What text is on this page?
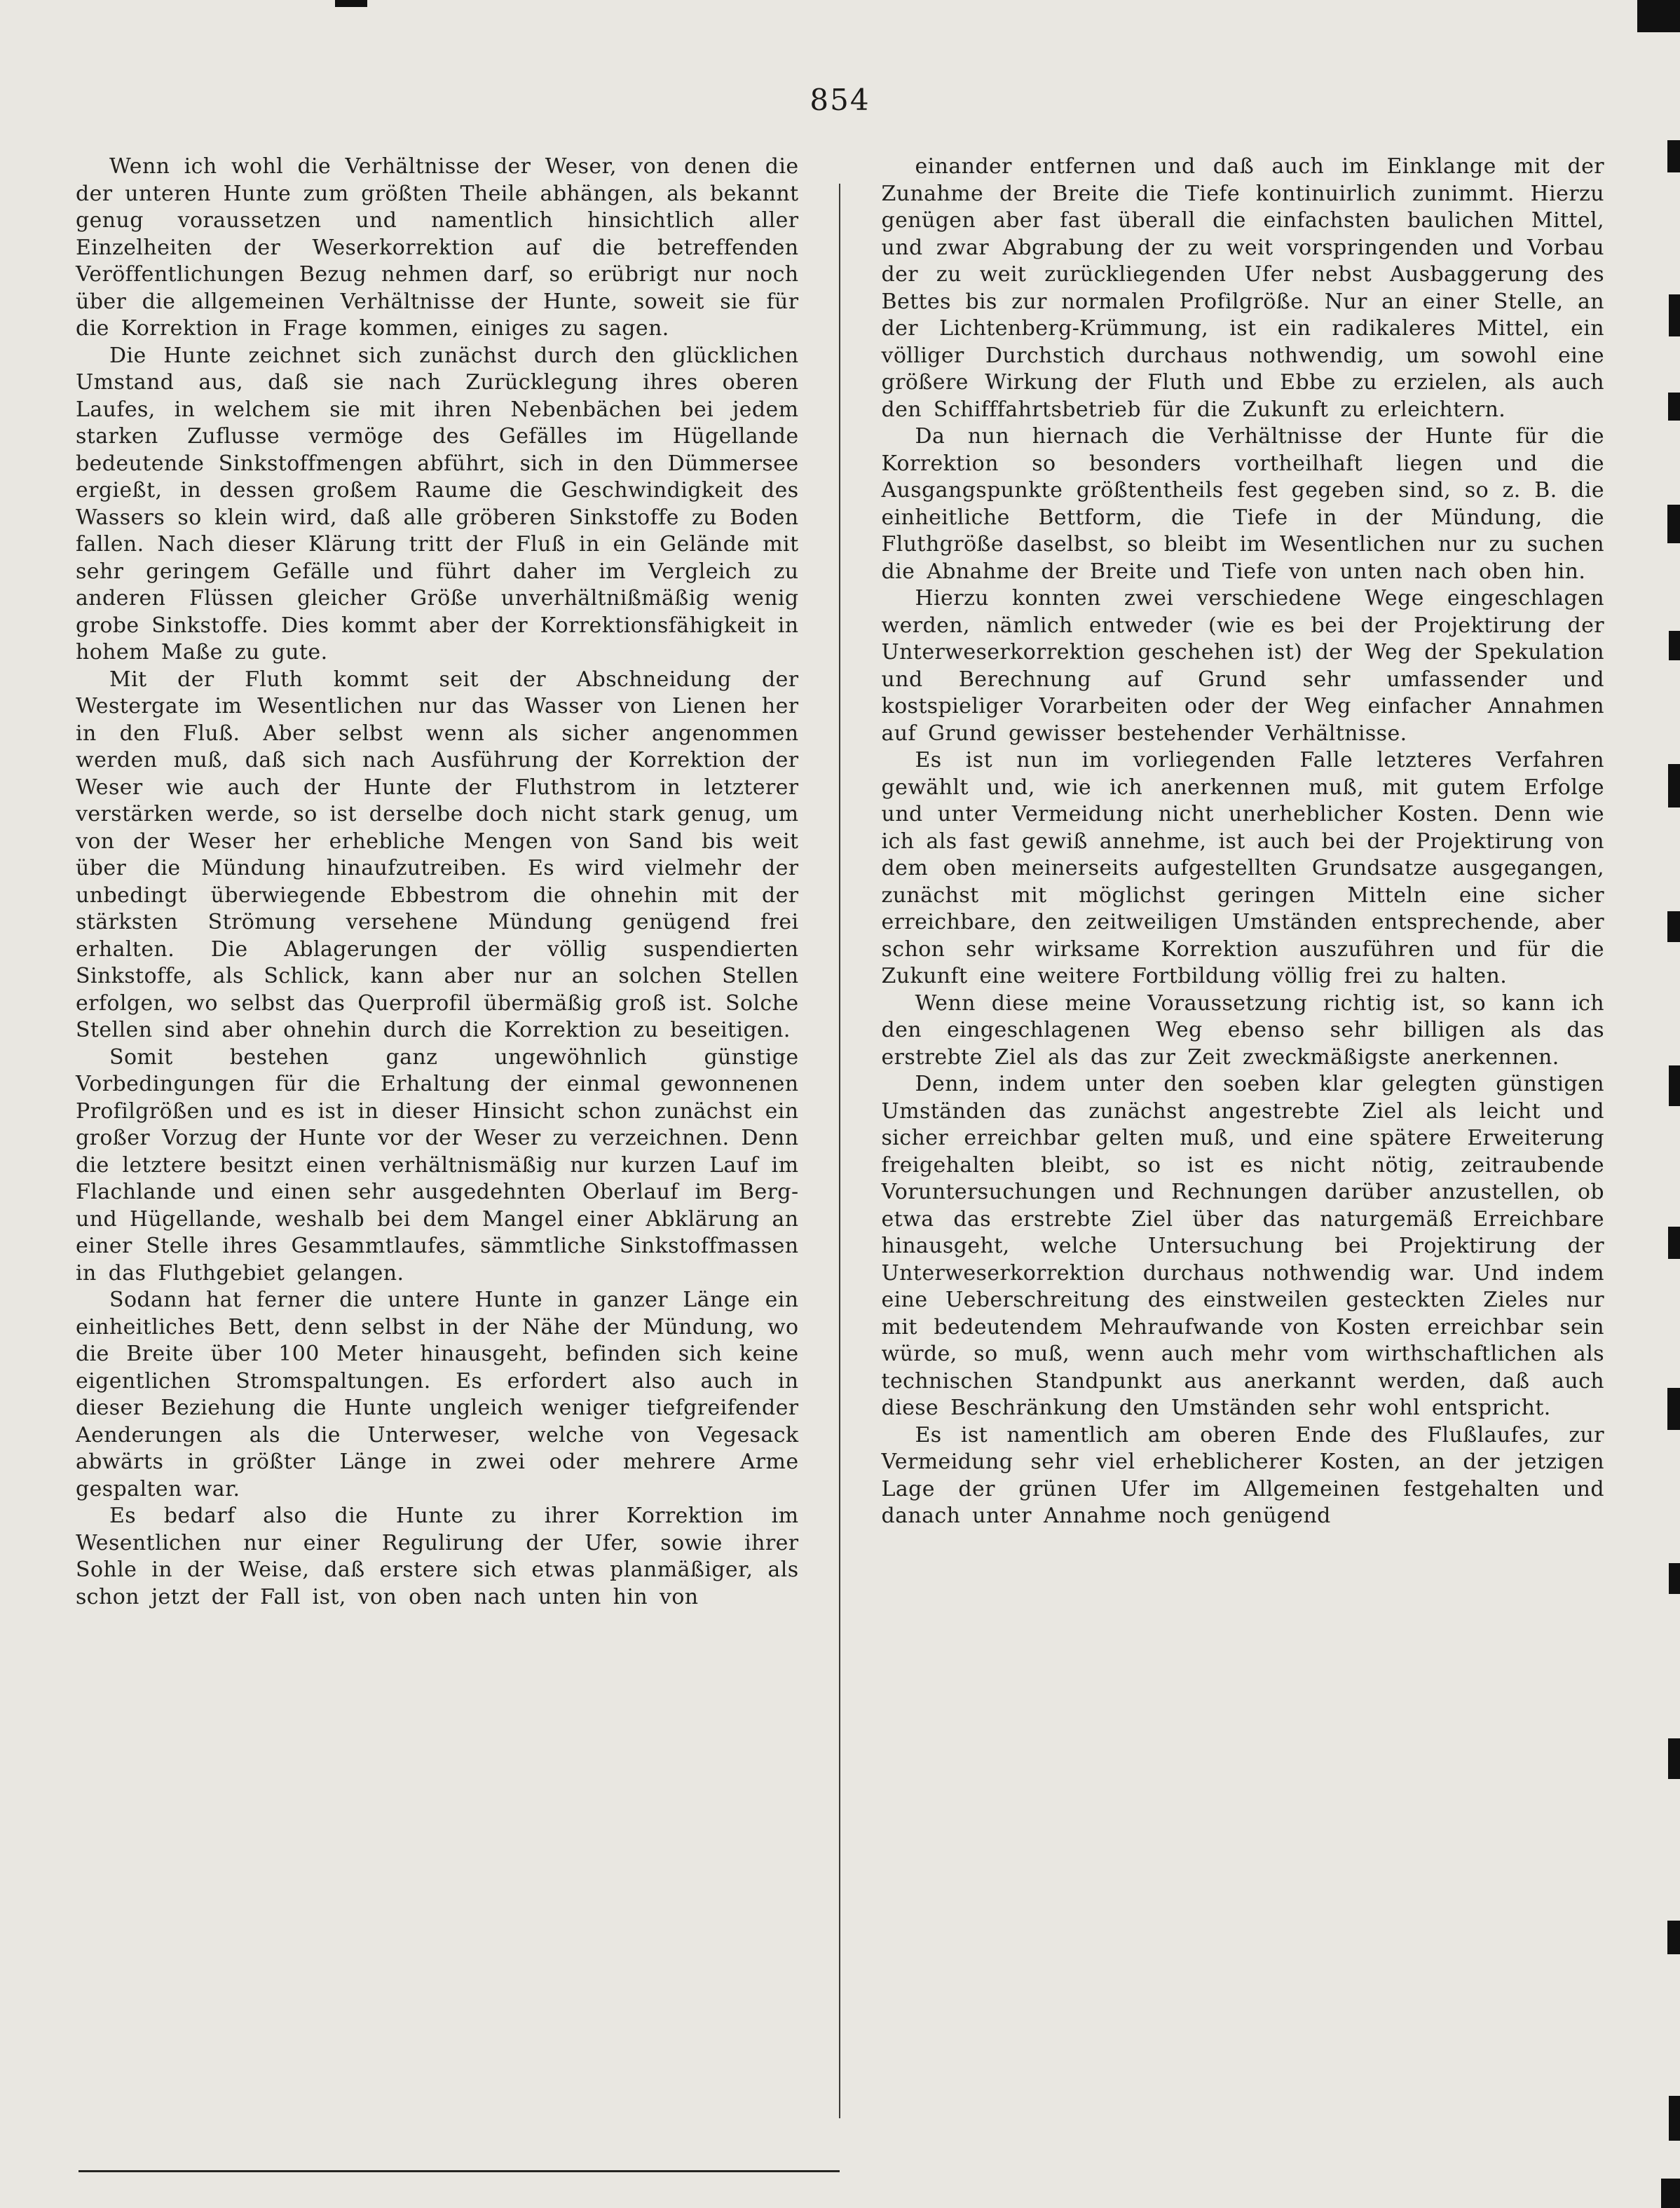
854

Wenn ich wohl die Verhältnisse der Weser, von denen die der unteren Hunte zum größten Theile abhängen, als bekannt genug voraussetzen und namentlich hinsichtlich aller Einzelheiten der Weserkorrektion auf die betreffenden Veröffentlichungen Bezug nehmen darf, so erübrigt nur noch über die allgemeinen Verhältnisse der Hunte, soweit sie für die Korrektion in Frage kommen, einiges zu sagen.

Die Hunte zeichnet sich zunächst durch den glücklichen Umstand aus, daß sie nach Zurücklegung ihres oberen Laufes, in welchem sie mit ihren Nebenbächen bei jedem starken Zuflusse vermöge des Gefälles im Hügellande bedeutende Sinkstoffmengen abführt, sich in den Dümmersee ergießt, in dessen großem Raume die Geschwindigkeit des Wassers so klein wird, daß alle gröberen Sinkstoffe zu Boden fallen. Nach dieser Klärung tritt der Fluß in ein Gelände mit sehr geringem Gefälle und führt daher im Vergleich zu anderen Flüssen gleicher Größe unverhältnißmäßig wenig grobe Sinkstoffe. Dies kommt aber der Korrektionsfähigkeit in hohem Maße zu gute.

Mit der Fluth kommt seit der Abschneidung der Westergate im Wesentlichen nur das Wasser von Lienen her in den Fluß. Aber selbst wenn als sicher angenommen werden muß, daß sich nach Ausführung der Korrektion der Weser wie auch der Hunte der Fluthstrom in letzterer verstärken werde, so ist derselbe doch nicht stark genug, um von der Weser her erhebliche Mengen von Sand bis weit über die Mündung hinaufzutreiben. Es wird vielmehr der unbedingt überwiegende Ebbestrom die ohnehin mit der stärksten Strömung versehene Mündung genügend frei erhalten. Die Ablagerungen der völlig suspendierten Sinkstoffe, als Schlick, kann aber nur an solchen Stellen erfolgen, wo selbst das Querprofil übermäßig groß ist. Solche Stellen sind aber ohnehin durch die Korrektion zu beseitigen.

Somit bestehen ganz ungewöhnlich günstige Vorbedingungen für die Erhaltung der einmal gewonnenen Profilgrößen und es ist in dieser Hinsicht schon zunächst ein großer Vorzug der Hunte vor der Weser zu verzeichnen. Denn die letztere besitzt einen verhältnismäßig nur kurzen Lauf im Flachlande und einen sehr ausgedehnten Oberlauf im Berg- und Hügellande, weshalb bei dem Mangel einer Abklärung an einer Stelle ihres Gesammtlaufes, sämmtliche Sinkstoffmassen in das Fluthgebiet gelangen.

Sodann hat ferner die untere Hunte in ganzer Länge ein einheitliches Bett, denn selbst in der Nähe der Mündung, wo die Breite über 100 Meter hinausgeht, befinden sich keine eigentlichen Stromspaltungen. Es erfordert also auch in dieser Beziehung die Hunte ungleich weniger tiefgreifender Aenderungen als die Unterweser, welche von Vegesack abwärts in größter Länge in zwei oder mehrere Arme gespalten war.

Es bedarf also die Hunte zu ihrer Korrektion im Wesentlichen nur einer Regulirung der Ufer, sowie ihrer Sohle in der Weise, daß erstere sich etwas planmäßiger, als schon jetzt der Fall ist, von oben nach unten hin von

einander entfernen und daß auch im Einklange mit der Zunahme der Breite die Tiefe kontinuirlich zunimmt. Hierzu genügen aber fast überall die einfachsten baulichen Mittel, und zwar Abgrabung der zu weit vorspringenden und Vorbau der zu weit zurückliegenden Ufer nebst Ausbaggerung des Bettes bis zur normalen Profilgröße. Nur an einer Stelle, an der Lichtenberg-Krümmung, ist ein radikaleres Mittel, ein völliger Durchstich durchaus nothwendig, um sowohl eine größere Wirkung der Fluth und Ebbe zu erzielen, als auch den Schifffahrtsbetrieb für die Zukunft zu erleichtern.

Da nun hiernach die Verhältnisse der Hunte für die Korrektion so besonders vortheilhaft liegen und die Ausgangspunkte größtentheils fest gegeben sind, so z. B. die einheitliche Bettform, die Tiefe in der Mündung, die Fluthgröße daselbst, so bleibt im Wesentlichen nur zu suchen die Abnahme der Breite und Tiefe von unten nach oben hin.

Hierzu konnten zwei verschiedene Wege eingeschlagen werden, nämlich entweder (wie es bei der Projektirung der Unterweserkorrektion geschehen ist) der Weg der Spekulation und Berechnung auf Grund sehr umfassender und kostspieliger Vorarbeiten oder der Weg einfacher Annahmen auf Grund gewisser bestehender Verhältnisse.

Es ist nun im vorliegenden Falle letzteres Verfahren gewählt und, wie ich anerkennen muß, mit gutem Erfolge und unter Vermeidung nicht unerheblicher Kosten. Denn wie ich als fast gewiß annehme, ist auch bei der Projektirung von dem oben meinerseits aufgestellten Grundsatze ausgegangen, zunächst mit möglichst geringen Mitteln eine sicher erreichbare, den zeitweiligen Umständen entsprechende, aber schon sehr wirksame Korrektion auszuführen und für die Zukunft eine weitere Fortbildung völlig frei zu halten.

Wenn diese meine Voraussetzung richtig ist, so kann ich den eingeschlagenen Weg ebenso sehr billigen als das erstrebte Ziel als das zur Zeit zweckmäßigste anerkennen.

Denn, indem unter den soeben klar gelegten günstigen Umständen das zunächst angestrebte Ziel als leicht und sicher erreichbar gelten muß, und eine spätere Erweiterung freigehalten bleibt, so ist es nicht nötig, zeitraubende Voruntersuchungen und Rechnungen darüber anzustellen, ob etwa das erstrebte Ziel über das naturgemäß Erreichbare hinausgeht, welche Untersuchung bei Projektirung der Unterweserkorrektion durchaus nothwendig war. Und indem eine Ueberschreitung des einstweilen gesteckten Zieles nur mit bedeutendem Mehraufwande von Kosten erreichbar sein würde, so muß, wenn auch mehr vom wirthschaftlichen als technischen Standpunkt aus anerkannt werden, daß auch diese Beschränkung den Umständen sehr wohl entspricht.

Es ist namentlich am oberen Ende des Flußlaufes, zur Vermeidung sehr viel erheblicherer Kosten, an der jetzigen Lage der grünen Ufer im Allgemeinen festgehalten und danach unter Annahme noch genügend
